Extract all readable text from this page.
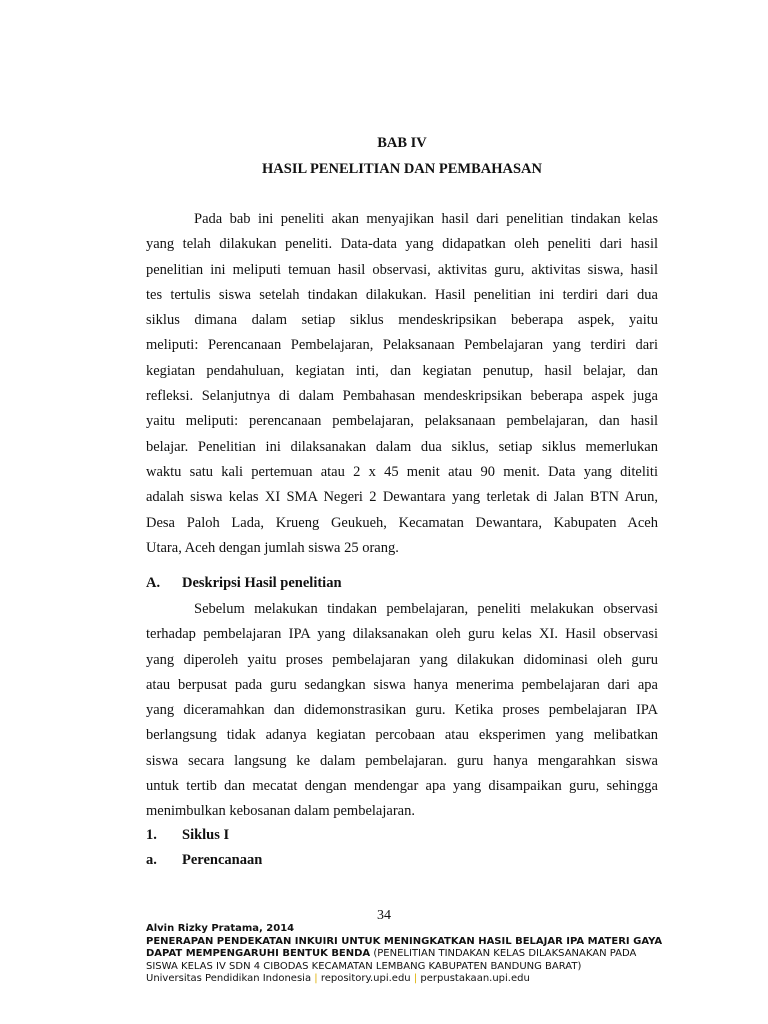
BAB IV
HASIL PENELITIAN DAN PEMBAHASAN
Pada bab ini peneliti akan menyajikan hasil dari penelitian tindakan kelas
yang telah dilakukan peneliti. Data-data yang didapatkan oleh peneliti dari hasil
penelitian ini meliputi temuan hasil observasi, aktivitas guru, aktivitas siswa, hasil
tes tertulis siswa setelah tindakan dilakukan. Hasil penelitian ini terdiri dari dua
siklus dimana dalam setiap siklus mendeskripsikan beberapa aspek, yaitu
meliputi: Perencanaan Pembelajaran, Pelaksanaan Pembelajaran yang terdiri dari
kegiatan pendahuluan, kegiatan inti, dan kegiatan penutup, hasil belajar, dan
refleksi. Selanjutnya di dalam Pembahasan mendeskripsikan beberapa aspek juga
yaitu meliputi: perencanaan pembelajaran, pelaksanaan pembelajaran, dan hasil
belajar. Penelitian ini dilaksanakan dalam dua siklus, setiap siklus memerlukan
waktu satu kali pertemuan atau 2 x 45 menit atau 90 menit. Data yang diteliti
adalah siswa kelas XI SMA Negeri 2 Dewantara yang terletak di Jalan BTN Arun,
Desa Paloh Lada, Krueng Geukueh, Kecamatan Dewantara, Kabupaten Aceh
Utara, Aceh dengan jumlah siswa 25 orang.
A. Deskripsi Hasil penelitian
Sebelum melakukan tindakan pembelajaran, peneliti melakukan observasi
terhadap pembelajaran IPA yang dilaksanakan oleh guru kelas XI. Hasil observasi
yang diperoleh yaitu proses pembelajaran yang dilakukan didominasi oleh guru
atau berpusat pada guru sedangkan siswa hanya menerima pembelajaran dari apa
yang diceramahkan dan didemonstrasikan guru. Ketika proses pembelajaran IPA
berlangsung tidak adanya kegiatan percobaan atau eksperimen yang melibatkan
siswa secara langsung ke dalam pembelajaran. guru hanya mengarahkan siswa
untuk tertib dan mecatat dengan mendengar apa yang disampaikan guru, sehingga
menimbulkan kebosanan dalam pembelajaran.
1. Siklus I
a. Perencanaan
34
Alvin Rizky Pratama, 2014
PENERAPAN PENDEKATAN INKUIRI UNTUK MENINGKATKAN HASIL BELAJAR IPA MATERI GAYA
DAPAT MEMPENGARUHI BENTUK BENDA (PENELITIAN TINDAKAN KELAS DILAKSANAKAN PADA
SISWA KELAS IV SDN 4 CIBODAS KECAMATAN LEMBANG KABUPATEN BANDUNG BARAT)
Universitas Pendidikan Indonesia | repository.upi.edu | perpustakaan.upi.edu
